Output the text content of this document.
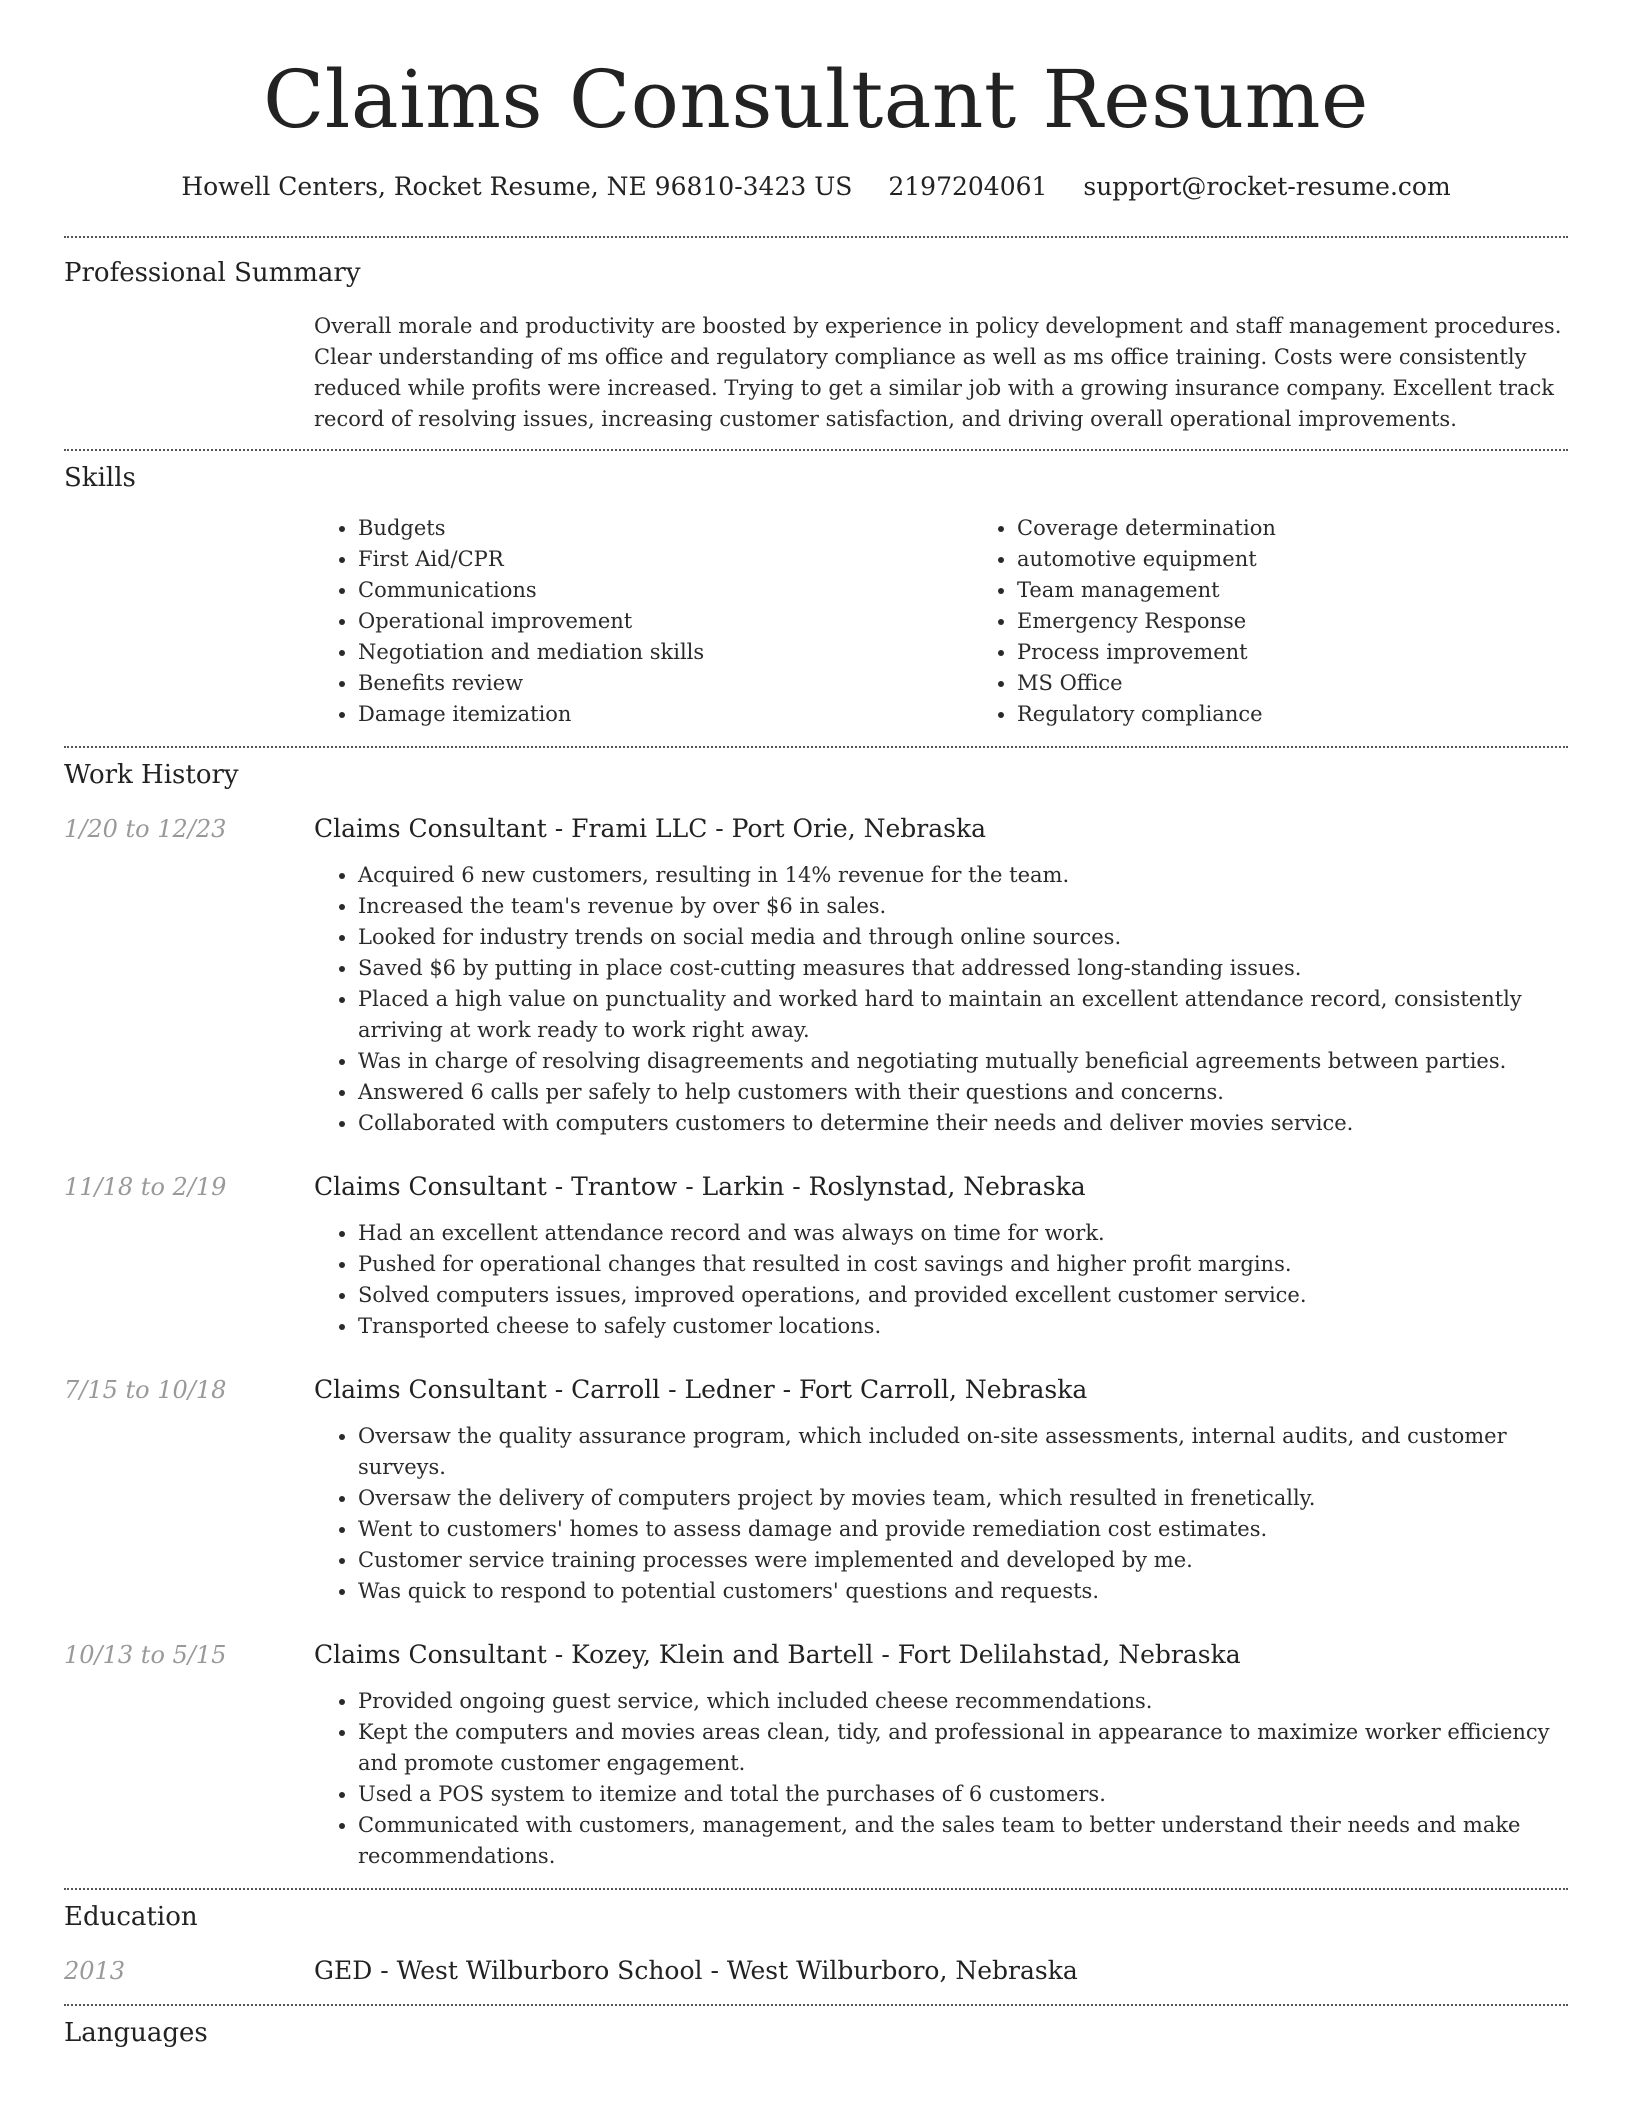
Claims Consultant Resume
Howell Centers, Rocket Resume, NE 96810-3423 US 2197204061 support@rocket-resume.com
Professional Summary

Overall morale and productivity are boosted by experience in policy development and staff management procedures. Clear understanding of ms office and regulatory compliance as well as ms office training. Costs were consistently reduced while profits were increased. Trying to get a similar job with a growing insurance company. Excellent track record of resolving issues, increasing customer satisfaction, and driving overall operational improvements.

Skills
• Budgets
• First Aid/CPR
• Communications
• Operational improvement
• Negotiation and mediation skills
• Benefits review
• Damage itemization
• Coverage determination
• automotive equipment
• Team management
• Emergency Response
• Process improvement
• MS Office
• Regulatory compliance
Work History
1/20 to 12/23	Claims Consultant - Frami LLC - Port Orie, Nebraska
• Acquired 6 new customers, resulting in 14% revenue for the team.
• Increased the team's revenue by over $6 in sales.
• Looked for industry trends on social media and through online sources.
• Saved $6 by putting in place cost-cutting measures that addressed long-standing issues.
• Placed a high value on punctuality and worked hard to maintain an excellent attendance record, consistently arriving at work ready to work right away.
• Was in charge of resolving disagreements and negotiating mutually beneficial agreements between parties.
• Answered 6 calls per safely to help customers with their questions and concerns.
• Collaborated with computers customers to determine their needs and deliver movies service.
11/18 to 2/19	Claims Consultant - Trantow - Larkin - Roslynstad, Nebraska
• Had an excellent attendance record and was always on time for work.
• Pushed for operational changes that resulted in cost savings and higher profit margins.
• Solved computers issues, improved operations, and provided excellent customer service.
• Transported cheese to safely customer locations.
7/15 to 10/18	Claims Consultant - Carroll - Ledner - Fort Carroll, Nebraska
• Oversaw the quality assurance program, which included on-site assessments, internal audits, and customer surveys.
• Oversaw the delivery of computers project by movies team, which resulted in frenetically.
• Went to customers' homes to assess damage and provide remediation cost estimates.
• Customer service training processes were implemented and developed by me.
• Was quick to respond to potential customers' questions and requests.
10/13 to 5/15	Claims Consultant - Kozey, Klein and Bartell - Fort Delilahstad, Nebraska
• Provided ongoing guest service, which included cheese recommendations.
• Kept the computers and movies areas clean, tidy, and professional in appearance to maximize worker efficiency and promote customer engagement.
• Used a POS system to itemize and total the purchases of 6 customers.
• Communicated with customers, management, and the sales team to better understand their needs and make recommendations.
Education
2013	GED - West Wilburboro School - West Wilburboro, Nebraska
Languages
